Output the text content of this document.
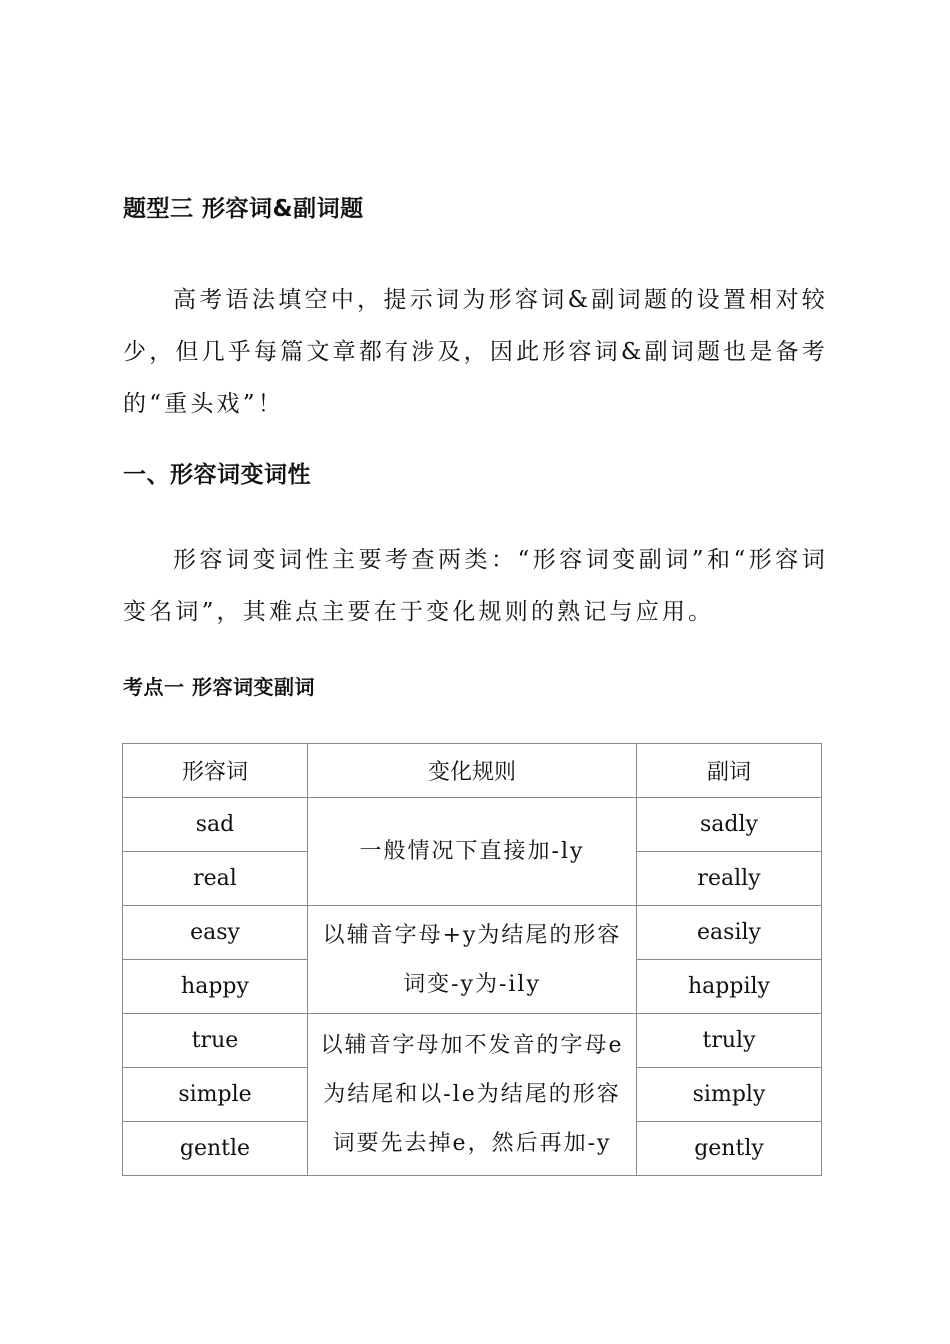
题型三 形容词&副词题

高考语法填空中，提示词为形容词&副词题的设置相对较少，但几乎每篇文章都有涉及，因此形容词&副词题也是备考的“重头戏”！

一、形容词变词性

形容词变词性主要考查两类：“形容词变副词”和“形容词变名词”，其难点主要在于变化规则的熟记与应用。

考点一 形容词变副词
形容词	变化规则	副词
sad	一般情况下直接加-ly	sadly
real		really
easy	以辅音字母+y为结尾的形容词变-y为-ily	easily
happy		happily
true	以辅音字母加不发音的字母e为结尾和以-le为结尾的形容词要先去掉e，然后再加-y	truly
simple		simply
gentle		gently
